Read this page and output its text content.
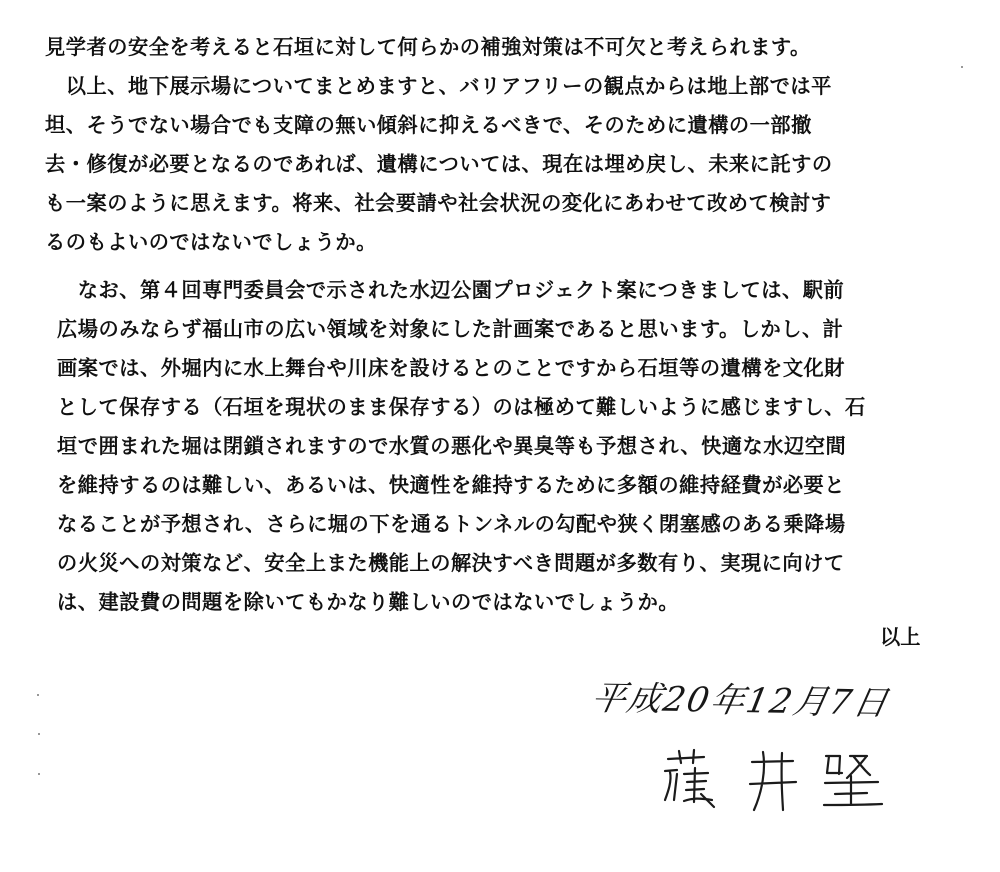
見学者の安全を考えると石垣に対して何らかの補強対策は不可欠と考えられます。
　以上、地下展示場についてまとめますと、バリアフリーの観点からは地上部では平
坦、そうでない場合でも支障の無い傾斜に抑えるべきで、そのために遺構の一部撤
去・修復が必要となるのであれば、遺構については、現在は埋め戻し、未来に託すの
も一案のように思えます。将来、社会要請や社会状況の変化にあわせて改めて検討す
るのもよいのではないでしょうか。
　なお、第４回専門委員会で示された水辺公園プロジェクト案につきましては、駅前
広場のみならず福山市の広い領域を対象にした計画案であると思います。しかし、計
画案では、外堀内に水上舞台や川床を設けるとのことですから石垣等の遺構を文化財
として保存する（石垣を現状のまま保存する）のは極めて難しいように感じますし、石
垣で囲まれた堀は閉鎖されますので水質の悪化や異臭等も予想され、快適な水辺空間
を維持するのは難しい、あるいは、快適性を維持するために多額の維持経費が必要と
なることが予想され、さらに堀の下を通るトンネルの勾配や狭く閉塞感のある乗降場
の火災への対策など、安全上また機能上の解決すべき問題が多数有り、実現に向けて
は、建設費の問題を除いてもかなり難しいのではないでしょうか。
以上
平成20年12月7日
